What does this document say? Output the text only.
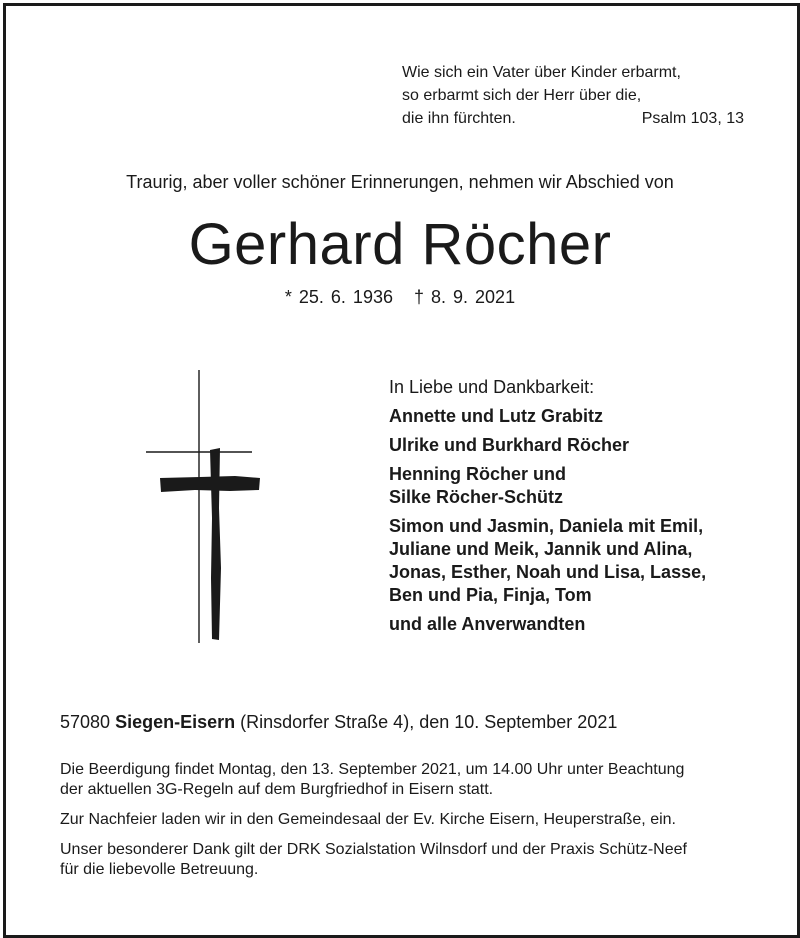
Wie sich ein Vater über Kinder erbarmt,
so erbarmt sich der Herr über die,
die ihn fürchten.	Psalm 103, 13
Traurig, aber voller schöner Erinnerungen, nehmen wir Abschied von
Gerhard Röcher
* 25. 6. 1936 † 8. 9. 2021
In Liebe und Dankbarkeit:
Annette und Lutz Grabitz
Ulrike und Burkhard Röcher
Henning Röcher und
Silke Röcher-Schütz
Simon und Jasmin, Daniela mit Emil,
Juliane und Meik, Jannik und Alina,
Jonas, Esther, Noah und Lisa, Lasse,
Ben und Pia, Finja, Tom
und alle Anverwandten
57080 Siegen-Eisern (Rinsdorfer Straße 4), den 10. September 2021

Die Beerdigung findet Montag, den 13. September 2021, um 14.00 Uhr unter Beachtung
der aktuellen 3G-Regeln auf dem Burgfriedhof in Eisern statt.

Zur Nachfeier laden wir in den Gemeindesaal der Ev. Kirche Eisern, Heuperstraße, ein.

Unser besonderer Dank gilt der DRK Sozialstation Wilnsdorf und der Praxis Schütz-Neef
für die liebevolle Betreuung.
